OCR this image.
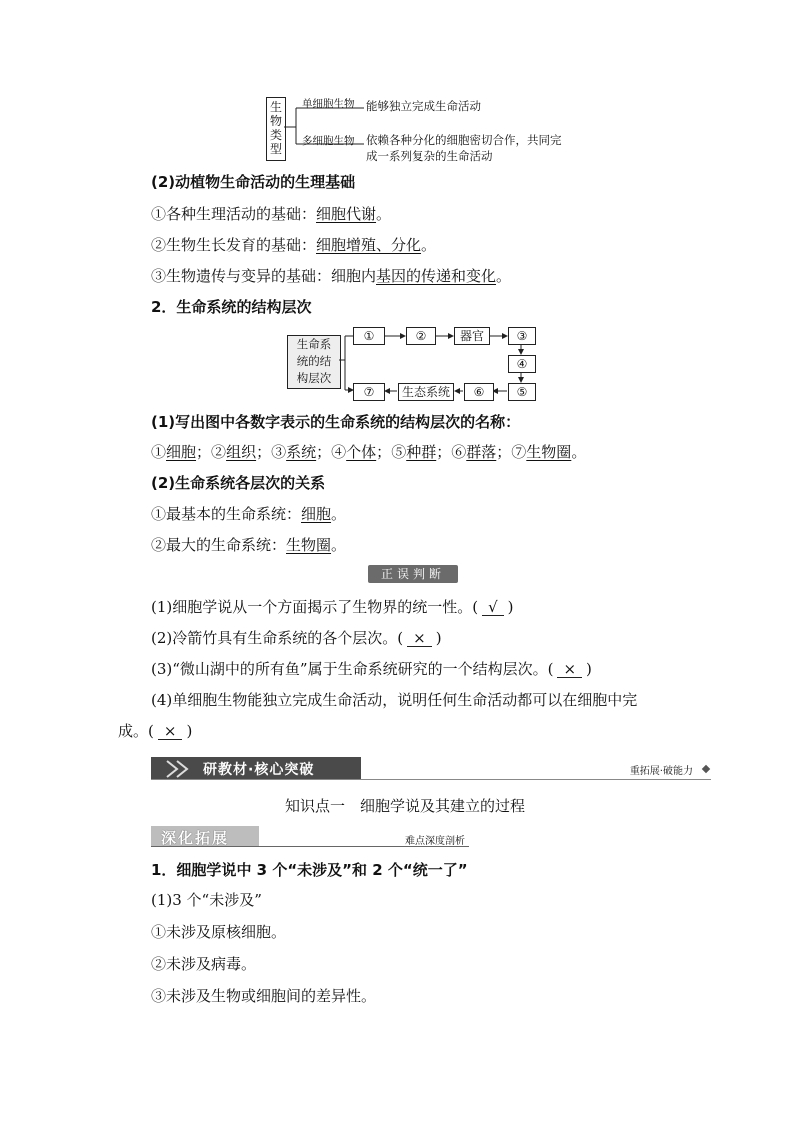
生物类型
单细胞生物 能够独立完成生命活动
多细胞生物 依赖各种分化的细胞密切合作，共同完
成一系列复杂的生命活动
(2)动植物生命活动的生理基础
①各种生理活动的基础：细胞代谢。
②生物生长发育的基础：细胞增殖、分化。
③生物遗传与变异的基础：细胞内基因的传递和变化。
2．生命系统的结构层次
生命系统的结构层次
①	②	器官	③
④
⑤
⑥
生态系统
⑦
(1)写出图中各数字表示的生命系统的结构层次的名称：
①细胞；②组织；③系统；④个体；⑤种群；⑥群落；⑦生物圈。
(2)生命系统各层次的关系
①最基本的生命系统：细胞。
②最大的生命系统：生物圈。
正误判断
(1)细胞学说从一个方面揭示了生物界的统一性。( √ )
(2)冷箭竹具有生命系统的各个层次。( × )
(3)“微山湖中的所有鱼”属于生命系统研究的一个结构层次。( × )
(4)单细胞生物能独立完成生命活动，说明任何生命活动都可以在细胞中完
成。( × )
研教材·核心突破	重拓展·破能力
知识点一　细胞学说及其建立的过程
深化拓展	难点深度剖析
1．细胞学说中 3 个“未涉及”和 2 个“统一了”
(1)3 个“未涉及”
①未涉及原核细胞。
②未涉及病毒。
③未涉及生物或细胞间的差异性。
